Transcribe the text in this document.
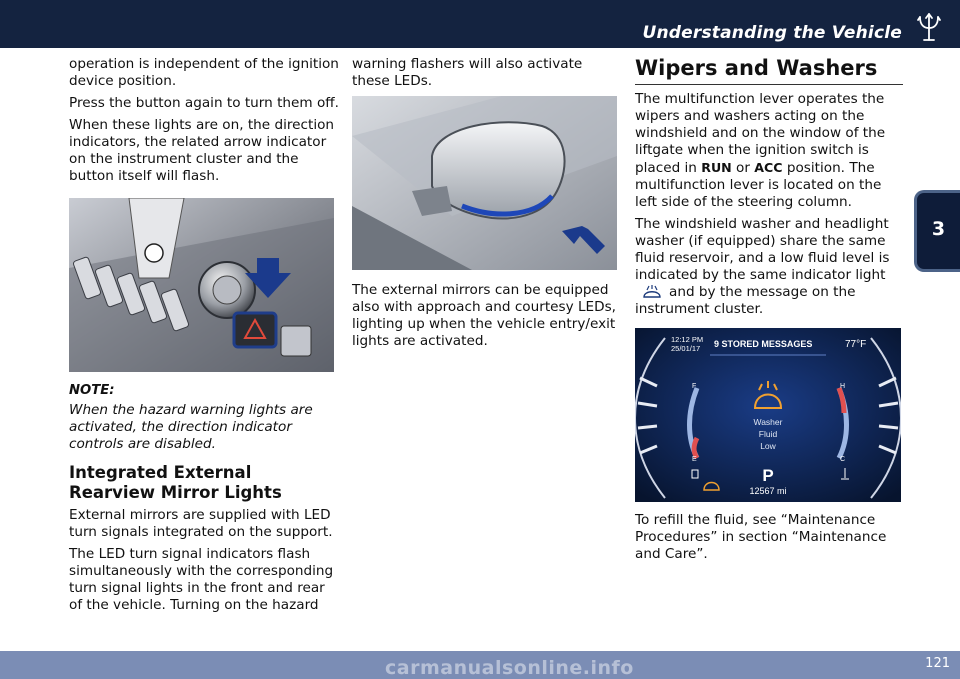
Understanding the Vehicle
3

operation is independent of the ignition device position.

Press the button again to turn them off.

When these lights are on, the direction indicators, the related arrow indicator on the instrument cluster and the button itself will flash.

NOTE:

When the hazard warning lights are activated, the direction indicator controls are disabled.

Integrated External Rearview Mirror Lights

External mirrors are supplied with LED turn signals integrated on the support.

The LED turn signal indicators flash simultaneously with the corresponding turn signal lights in the front and rear of the vehicle. Turning on the hazard

warning flashers will also activate these LEDs.

The external mirrors can be equipped also with approach and courtesy LEDs, lighting up when the vehicle entry/exit lights are activated.

Wipers and Washers

The multifunction lever operates the wipers and washers acting on the windshield and on the window of the liftgate when the ignition switch is placed in RUN or ACC position. The multifunction lever is located on the left side of the steering column.

The windshield washer and headlight washer (if equipped) share the same fluid reservoir, and a low fluid level is indicated by the same indicator lightand by the message on the instrument cluster.

12:12 PM
25/01/17 9 STORED MESSAGES	77°F
Washer
Fluid
Low
P
12567 mi
F
E
H
C

To refill the fluid, see “Maintenance Procedures” in section “Maintenance and Care”.

carmanualsonline.info	121
